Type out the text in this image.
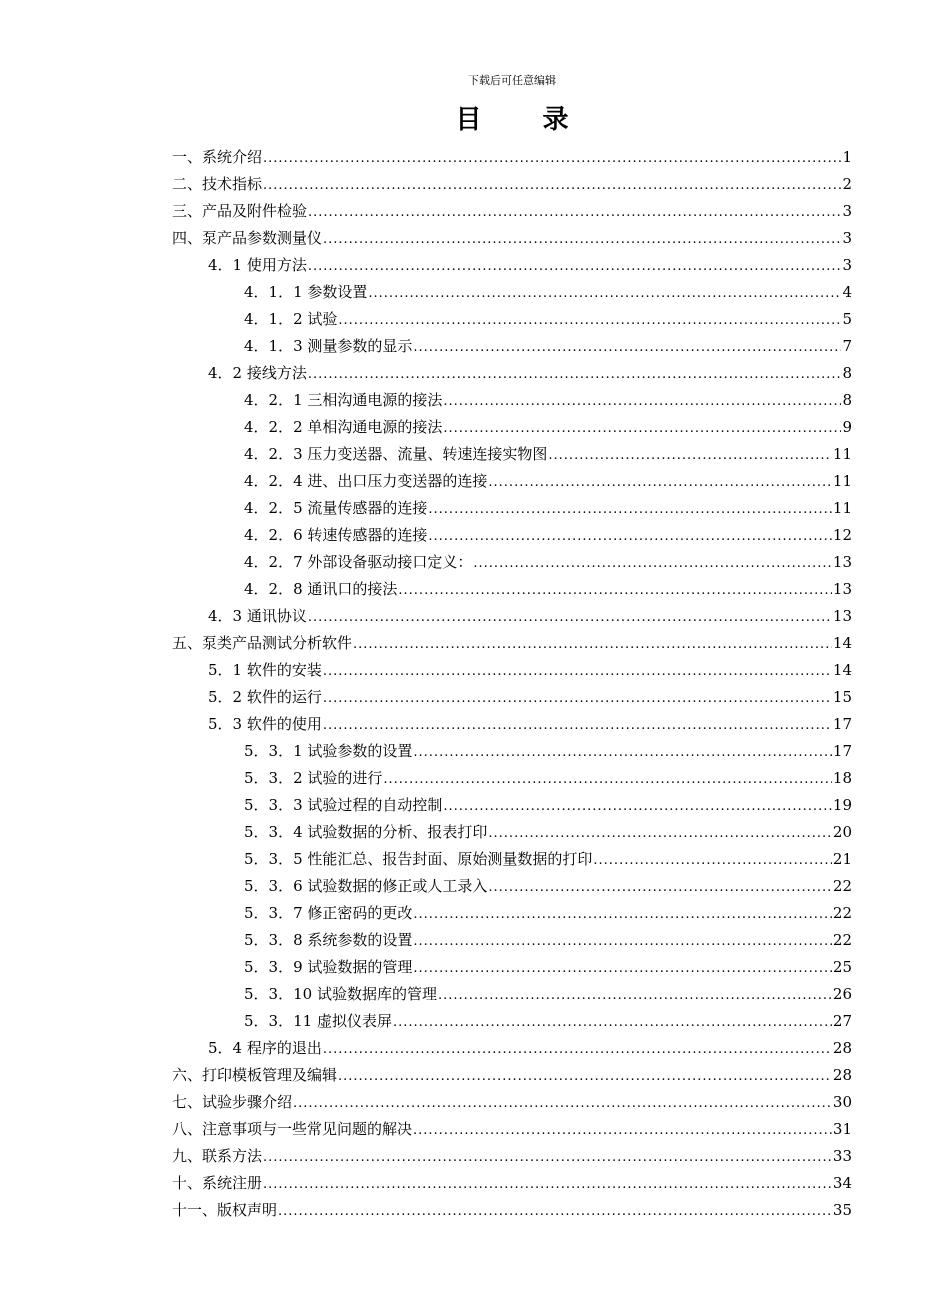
下载后可任意编辑
目 录
一、系统介绍 .....	1
二、技术指标 .....	2
三、产品及附件检验 .....	3
四、泵产品参数测量仪 .....	3
4．1 使用方法 .....	3
4．1．1 参数设置 .....	4
4．1．2 试验 .....	5
4．1．3 测量参数的显示 .....	7
4．2 接线方法 .....	8
4．2．1 三相沟通电源的接法 .....	8
4．2．2 单相沟通电源的接法 .....	9
4．2．3 压力变送器、流量、转速连接实物图 .....	11
4．2．4 进、出口压力变送器的连接 .....	11
4．2．5 流量传感器的连接 .....	11
4．2．6 转速传感器的连接 .....	12
4．2．7 外部设备驱动接口定义： .....	13
4．2．8 通讯口的接法 .....	13
4．3 通讯协议 .....	13
五、泵类产品测试分析软件 .....	14
5．1 软件的安装 .....	14
5．2 软件的运行 .....	15
5．3 软件的使用 .....	17
5．3．1 试验参数的设置 .....	17
5．3．2 试验的进行 .....	18
5．3．3 试验过程的自动控制 .....	19
5．3．4 试验数据的分析、报表打印 .....	20
5．3．5 性能汇总、报告封面、原始测量数据的打印 .....	21
5．3．6 试验数据的修正或人工录入 .....	22
5．3．7 修正密码的更改 .....	22
5．3．8 系统参数的设置 .....	22
5．3．9 试验数据的管理 .....	25
5．3．10 试验数据库的管理 .....	26
5．3．11 虚拟仪表屏 .....	27
5．4 程序的退出 .....	28
六、打印模板管理及编辑 .....	28
七、试验步骤介绍 .....	30
八、注意事项与一些常见问题的解决 .....	31
九、联系方法 .....	33
十、系统注册 .....	34
十一、版权声明 .....	35
